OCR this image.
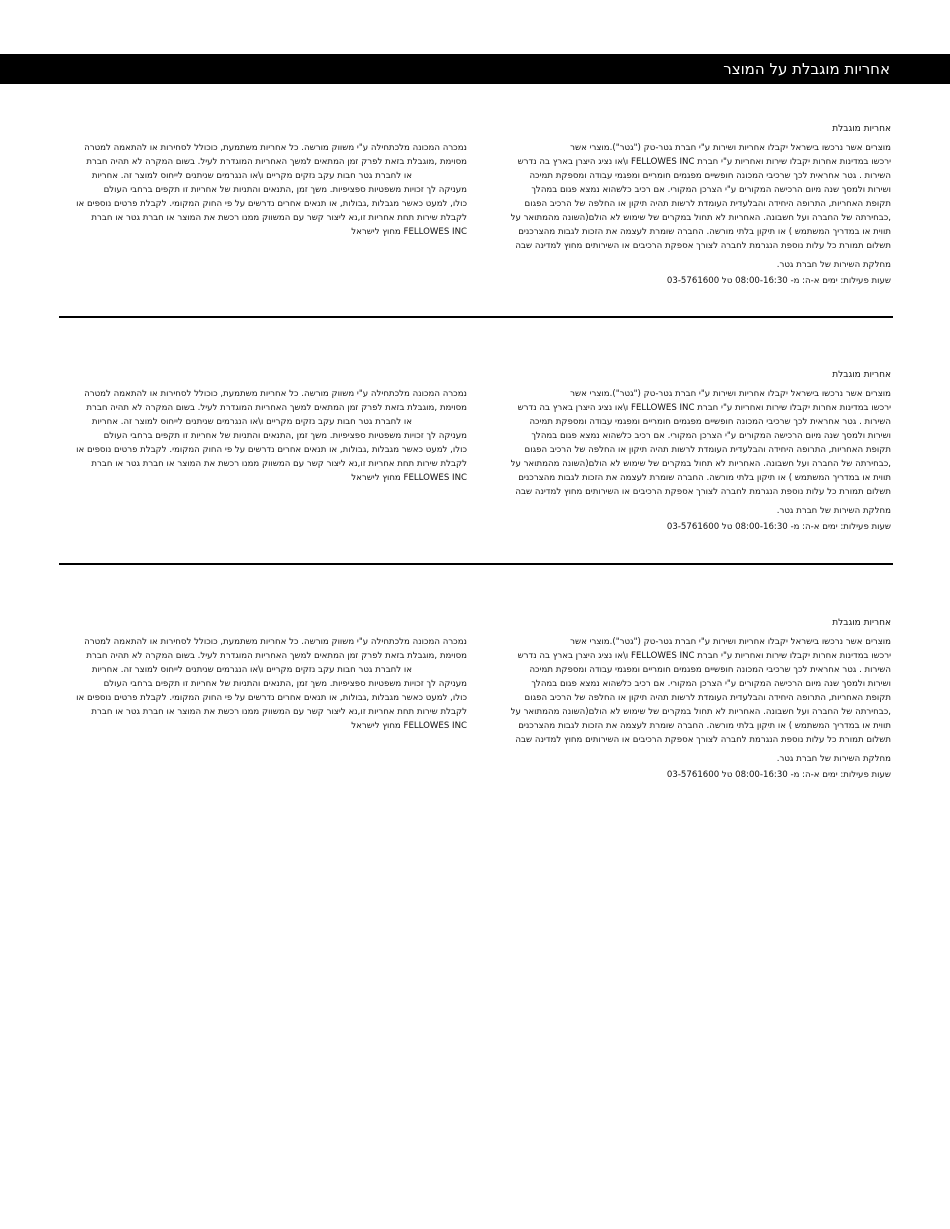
אחריות מוגבלת על המוצר
אחריות מוגבלת
מוצרים אשר נרכשו בישראל יקבלו אחריות ושירות ע"י חברת גטר-טק ("גטר").מוצרי אשר
ירכשו במדינות אחרות יקבלו שירות ואחריות ע"י חברת FELLOWES INC ו\או נציג היצרן בארץ בה נדרש
השירות . גטר אחראית לכך שרכיבי המכונה חופשיים מפגמים חומריים ומפגמי עבודה ומספקת תמיכה
ושירות ולמסך שנה מיום הרכישה המקורים ע"י הצרכן המקורי. אם רכיב כלשהוא נמצא פגום במהלך
תקופת האחריות, התרופה היחידה והבלעדית העומדת לרשות תהיה תיקון או החלפה של הרכיב הפגום
,כבחירתה של החברה ועל חשבונה. האחריות לא תחול במקרים של שימוש לא הולם(השונה מהמתואר על
תווית או במדריך המשתמש ) או תיקון בלתי מורשה. החברה שומרת לעצמה את הזכות לגבות מהצרכנים
תשלום תמורת כל עלות נוספת הנגרמת לחברה לצורך אספקת הרכיבים או השירותים מחוץ למדינה שבה
נמכרה המכונה מלכתחילה ע"י משווק מורשה. כל אחריות משתמעת, כוכולל לסחירות או להתאמה למטרה
מסוימת ,מוגבלת בזאת לפרק זמן המתאים למשך האחריות המוגדרת לעיל. בשום המקרה לא תהיה חברת
או לחברת גטר חבות עקב נזקים מקריים ו\או הנגרמים שניתנים לייחוס למוצר זה. אחריות
מעניקה לך זכויות משפטיות ספציפיות. משך זמן ,התנאים והתניות של אחריות זו תקפים ברחבי העולם
כולו, למעט כאשר מגבלות ,גבולות, או תנאים אחרים נדרשים על פי החוק המקומי. לקבלת פרטים נוספים או
לקבלת שירות תחת אחריות זו,נא ליצור קשר עם המשווק ממנו רכשת את המוצר או חברת גטר או חברת
FELLOWES INC מחוץ לישראל
מחלקת השירות של חברת גטר.
שעות פעילות: ימים א-ה: מ- 08:00-16:30 טל 03-5761600
אחריות מוגבלת
מוצרים אשר נרכשו בישראל יקבלו אחריות ושירות ע"י חברת גטר-טק ("גטר").מוצרי אשר
ירכשו במדינות אחרות יקבלו שירות ואחריות ע"י חברת FELLOWES INC ו\או נציג היצרן בארץ בה נדרש
השירות . גטר אחראית לכך שרכיבי המכונה חופשיים מפגמים חומריים ומפגמי עבודה ומספקת תמיכה
ושירות ולמסך שנה מיום הרכישה המקורים ע"י הצרכן המקורי. אם רכיב כלשהוא נמצא פגום במהלך
תקופת האחריות, התרופה היחידה והבלעדית העומדת לרשות תהיה תיקון או החלפה של הרכיב הפגום
,כבחירתה של החברה ועל חשבונה. האחריות לא תחול במקרים של שימוש לא הולם(השונה מהמתואר על
תווית או במדריך המשתמש ) או תיקון בלתי מורשה. החברה שומרת לעצמה את הזכות לגבות מהצרכנים
תשלום תמורת כל עלות נוספת הנגרמת לחברה לצורך אספקת הרכיבים או השירותים מחוץ למדינה שבה
נמכרה המכונה מלכתחילה ע"י משווק מורשה. כל אחריות משתמעת, כוכולל לסחירות או להתאמה למטרה
מסוימת ,מוגבלת בזאת לפרק זמן המתאים למשך האחריות המוגדרת לעיל. בשום המקרה לא תהיה חברת
או לחברת גטר חבות עקב נזקים מקריים ו\או הנגרמים שניתנים לייחוס למוצר זה. אחריות
מעניקה לך זכויות משפטיות ספציפיות. משך זמן ,התנאים והתניות של אחריות זו תקפים ברחבי העולם
כולו, למעט כאשר מגבלות ,גבולות, או תנאים אחרים נדרשים על פי החוק המקומי. לקבלת פרטים נוספים או
לקבלת שירות תחת אחריות זו,נא ליצור קשר עם המשווק ממנו רכשת את המוצר או חברת גטר או חברת
FELLOWES INC מחוץ לישראל
מחלקת השירות של חברת גטר.
שעות פעילות: ימים א-ה: מ- 08:00-16:30 טל 03-5761600
אחריות מוגבלת
מוצרים אשר נרכשו בישראל יקבלו אחריות ושירות ע"י חברת גטר-טק ("גטר").מוצרי אשר
ירכשו במדינות אחרות יקבלו שירות ואחריות ע"י חברת FELLOWES INC ו\או נציג היצרן בארץ בה נדרש
השירות . גטר אחראית לכך שרכיבי המכונה חופשיים מפגמים חומריים ומפגמי עבודה ומספקת תמיכה
ושירות ולמסך שנה מיום הרכישה המקורים ע"י הצרכן המקורי. אם רכיב כלשהוא נמצא פגום במהלך
תקופת האחריות, התרופה היחידה והבלעדית העומדת לרשות תהיה תיקון או החלפה של הרכיב הפגום
,כבחירתה של החברה ועל חשבונה. האחריות לא תחול במקרים של שימוש לא הולם(השונה מהמתואר על
תווית או במדריך המשתמש ) או תיקון בלתי מורשה. החברה שומרת לעצמה את הזכות לגבות מהצרכנים
תשלום תמורת כל עלות נוספת הנגרמת לחברה לצורך אספקת הרכיבים או השירותים מחוץ למדינה שבה
נמכרה המכונה מלכתחילה ע"י משווק מורשה. כל אחריות משתמעת, כוכולל לסחירות או להתאמה למטרה
מסוימת ,מוגבלת בזאת לפרק זמן המתאים למשך האחריות המוגדרת לעיל. בשום המקרה לא תהיה חברת
או לחברת גטר חבות עקב נזקים מקריים ו\או הנגרמים שניתנים לייחוס למוצר זה. אחריות
מעניקה לך זכויות משפטיות ספציפיות. משך זמן ,התנאים והתניות של אחריות זו תקפים ברחבי העולם
כולו, למעט כאשר מגבלות ,גבולות, או תנאים אחרים נדרשים על פי החוק המקומי. לקבלת פרטים נוספים או
לקבלת שירות תחת אחריות זו,נא ליצור קשר עם המשווק ממנו רכשת את המוצר או חברת גטר או חברת
FELLOWES INC מחוץ לישראל
מחלקת השירות של חברת גטר.
שעות פעילות: ימים א-ה: מ- 08:00-16:30 טל 03-5761600
